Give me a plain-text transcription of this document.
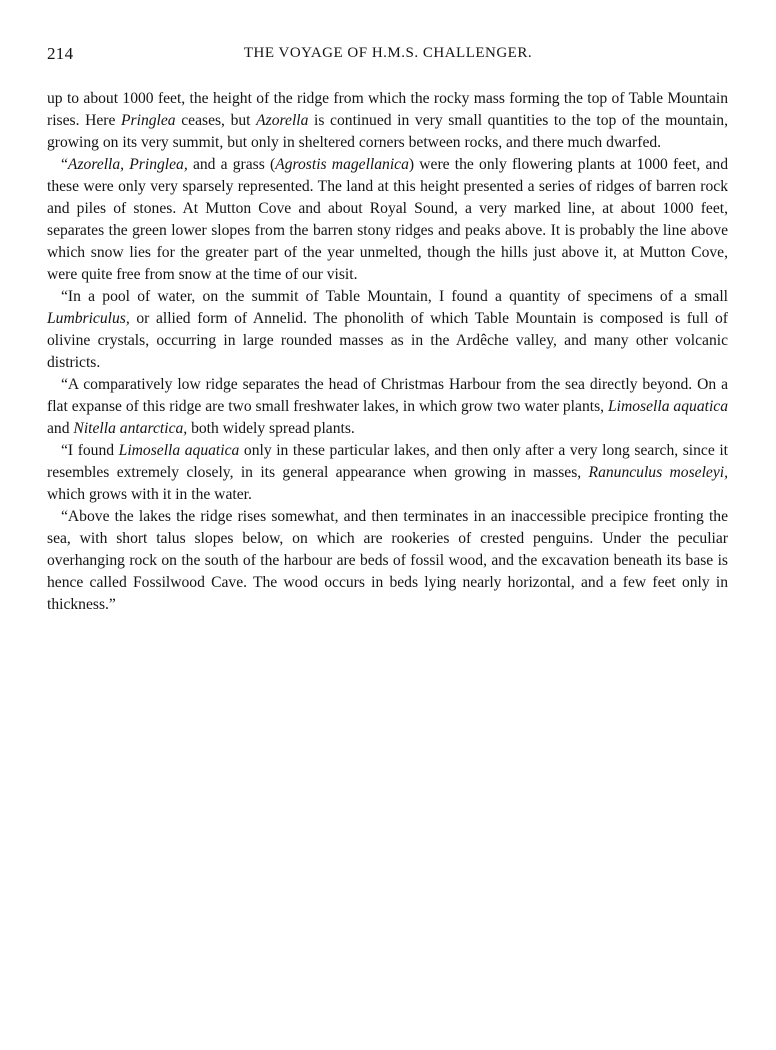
214	THE VOYAGE OF H.M.S. CHALLENGER.

up to about 1000 feet, the height of the ridge from which the rocky mass forming the top of Table Mountain rises. Here Pringlea ceases, but Azorella is continued in very small quantities to the top of the mountain, growing on its very summit, but only in sheltered corners between rocks, and there much dwarfed.

“Azorella, Pringlea, and a grass (Agrostis magellanica) were the only flowering plants at 1000 feet, and these were only very sparsely represented. The land at this height presented a series of ridges of barren rock and piles of stones. At Mutton Cove and about Royal Sound, a very marked line, at about 1000 feet, separates the green lower slopes from the barren stony ridges and peaks above. It is probably the line above which snow lies for the greater part of the year unmelted, though the hills just above it, at Mutton Cove, were quite free from snow at the time of our visit.

“In a pool of water, on the summit of Table Mountain, I found a quantity of specimens of a small Lumbriculus, or allied form of Annelid. The phonolith of which Table Mountain is composed is full of olivine crystals, occurring in large rounded masses as in the Ardêche valley, and many other volcanic districts.

“A comparatively low ridge separates the head of Christmas Harbour from the sea directly beyond. On a flat expanse of this ridge are two small freshwater lakes, in which grow two water plants, Limosella aquatica and Nitella antarctica, both widely spread plants.

“I found Limosella aquatica only in these particular lakes, and then only after a very long search, since it resembles extremely closely, in its general appearance when growing in masses, Ranunculus moseleyi, which grows with it in the water.

“Above the lakes the ridge rises somewhat, and then terminates in an inaccessible precipice fronting the sea, with short talus slopes below, on which are rookeries of crested penguins. Under the peculiar overhanging rock on the south of the harbour are beds of fossil wood, and the excavation beneath its base is hence called Fossilwood Cave. The wood occurs in beds lying nearly horizontal, and a few feet only in thickness.”
